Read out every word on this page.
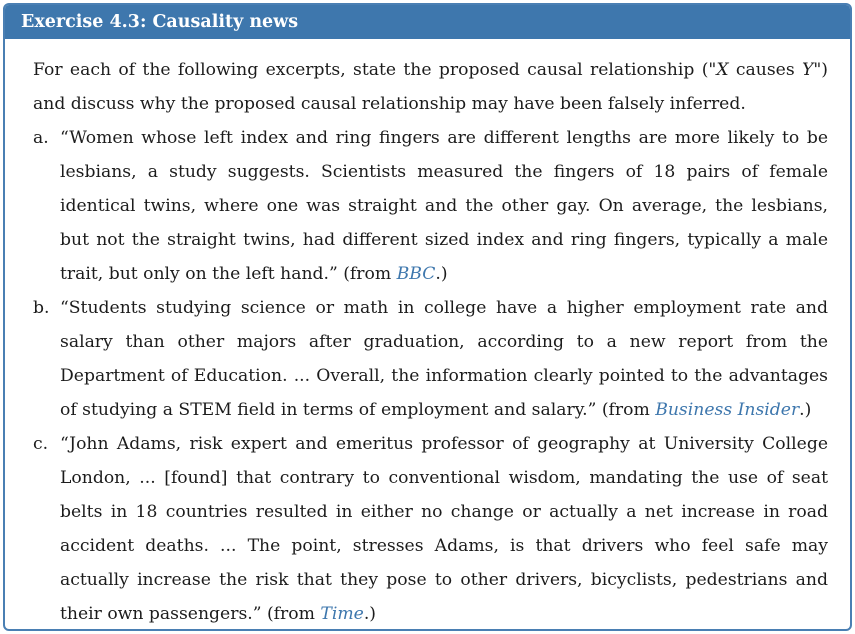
Exercise 4.3: Causality news

For each of the following excerpts, state the proposed causal relationship ("X causes Y") and discuss why the proposed causal relationship may have been falsely inferred.

a. “Women whose left index and ring fingers are different lengths are more likely to be lesbians, a study suggests. Scientists measured the fingers of 18 pairs of female identical twins, where one was straight and the other gay. On average, the lesbians, but not the straight twins, had different sized index and ring fingers, typically a male trait, but only on the left hand.” (from BBC.)
b. “Students studying science or math in college have a higher employment rate and salary than other majors after graduation, according to a new report from the Department of Education. ... Overall, the information clearly pointed to the advantages of studying a STEM field in terms of employment and salary.” (from Business Insider.)
c. “John Adams, risk expert and emeritus professor of geography at University College London, ... [found] that contrary to conventional wisdom, mandating the use of seat belts in 18 countries resulted in either no change or actually a net increase in road accident deaths. ... The point, stresses Adams, is that drivers who feel safe may actually increase the risk that they pose to other drivers, bicyclists, pedestrians and their own passengers.” (from Time.)
